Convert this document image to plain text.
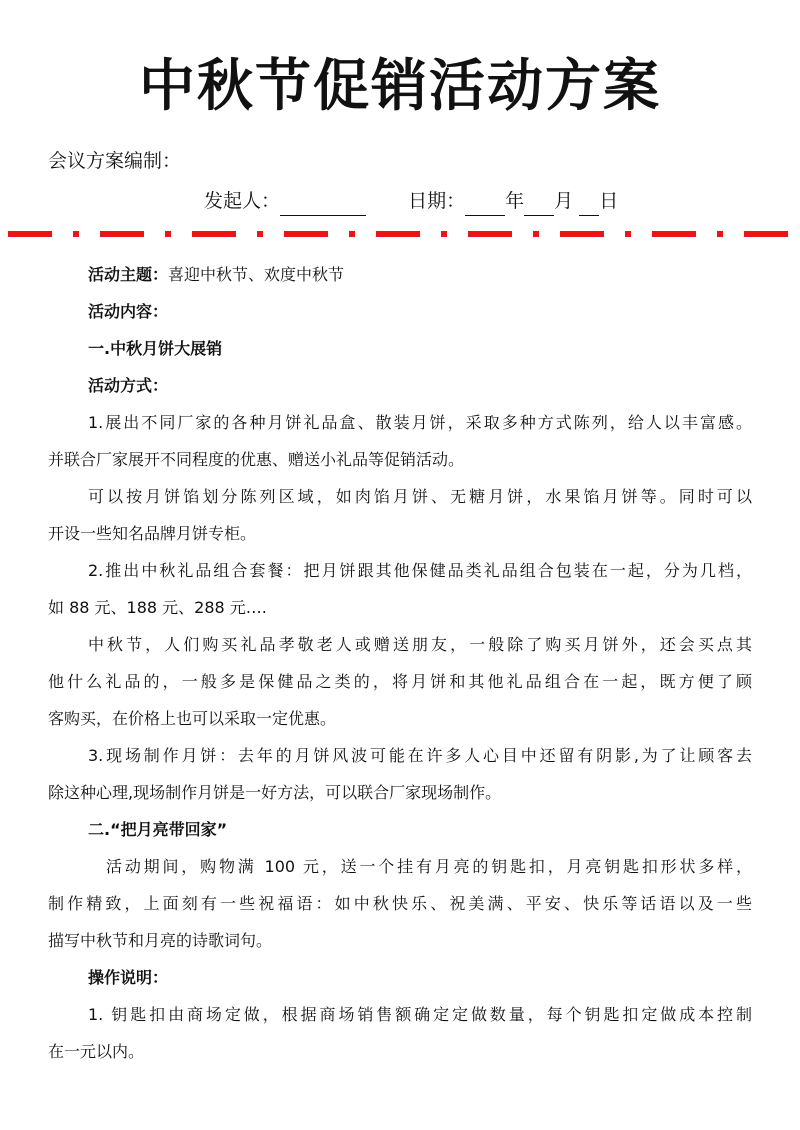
中秋节促销活动方案
会议方案编制：
发起人：	日期： 年 月 日
活动主题：喜迎中秋节、欢度中秋节
活动内容：
一.中秋月饼大展销
活动方式：
1.展出不同厂家的各种月饼礼品盒、散装月饼，采取多种方式陈列，给人以丰富感。
并联合厂家展开不同程度的优惠、赠送小礼品等促销活动。
可以按月饼馅划分陈列区域，如肉馅月饼、无糖月饼，水果馅月饼等。同时可以
开设一些知名品牌月饼专柜。
2.推出中秋礼品组合套餐：把月饼跟其他保健品类礼品组合包装在一起，分为几档，
如 88 元、188 元、288 元….
中秋节，人们购买礼品孝敬老人或赠送朋友，一般除了购买月饼外，还会买点其
他什么礼品的，一般多是保健品之类的，将月饼和其他礼品组合在一起，既方便了顾
客购买，在价格上也可以采取一定优惠。
3.现场制作月饼：去年的月饼风波可能在许多人心目中还留有阴影,为了让顾客去
除这种心理,现场制作月饼是一好方法，可以联合厂家现场制作。
二.“把月亮带回家”
活动期间，购物满 100 元，送一个挂有月亮的钥匙扣，月亮钥匙扣形状多样，
制作精致，上面刻有一些祝福语：如中秋快乐、祝美满、平安、快乐等话语以及一些
描写中秋节和月亮的诗歌词句。
操作说明：
1. 钥匙扣由商场定做，根据商场销售额确定定做数量，每个钥匙扣定做成本控制
在一元以内。
